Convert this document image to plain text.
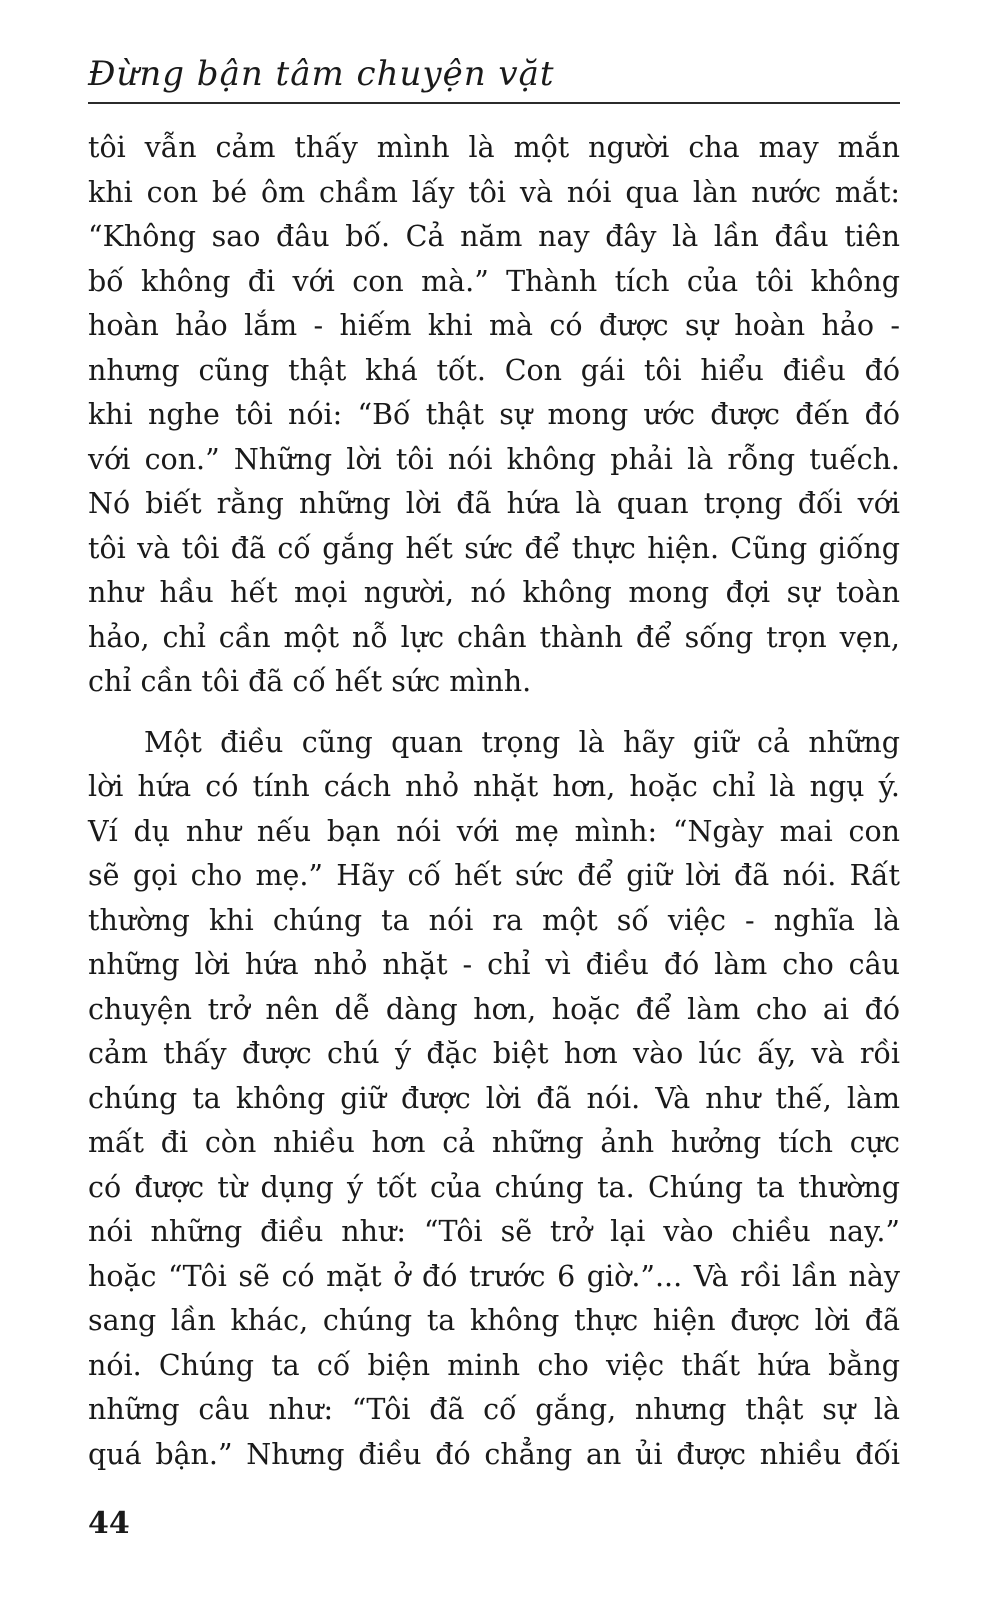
Đừng bận tâm chuyện vặt

tôi vẫn cảm thấy mình là một người cha may mắn

khi con bé ôm chầm lấy tôi và nói qua làn nước mắt:

“Không sao đâu bố. Cả năm nay đây là lần đầu tiên

bố không đi với con mà.” Thành tích của tôi không

hoàn hảo lắm - hiếm khi mà có được sự hoàn hảo -

nhưng cũng thật khá tốt. Con gái tôi hiểu điều đó

khi nghe tôi nói: “Bố thật sự mong ước được đến đó

với con.” Những lời tôi nói không phải là rỗng tuếch.

Nó biết rằng những lời đã hứa là quan trọng đối với

tôi và tôi đã cố gắng hết sức để thực hiện. Cũng giống

như hầu hết mọi người, nó không mong đợi sự toàn

hảo, chỉ cần một nỗ lực chân thành để sống trọn vẹn,

chỉ cần tôi đã cố hết sức mình.

Một điều cũng quan trọng là hãy giữ cả những

lời hứa có tính cách nhỏ nhặt hơn, hoặc chỉ là ngụ ý.

Ví dụ như nếu bạn nói với mẹ mình: “Ngày mai con

sẽ gọi cho mẹ.” Hãy cố hết sức để giữ lời đã nói. Rất

thường khi chúng ta nói ra một số việc - nghĩa là

những lời hứa nhỏ nhặt - chỉ vì điều đó làm cho câu

chuyện trở nên dễ dàng hơn, hoặc để làm cho ai đó

cảm thấy được chú ý đặc biệt hơn vào lúc ấy, và rồi

chúng ta không giữ được lời đã nói. Và như thế, làm

mất đi còn nhiều hơn cả những ảnh hưởng tích cực

có được từ dụng ý tốt của chúng ta. Chúng ta thường

nói những điều như: “Tôi sẽ trở lại vào chiều nay.”

hoặc “Tôi sẽ có mặt ở đó trước 6 giờ.”... Và rồi lần này

sang lần khác, chúng ta không thực hiện được lời đã

nói. Chúng ta cố biện minh cho việc thất hứa bằng

những câu như: “Tôi đã cố gắng, nhưng thật sự là

quá bận.” Nhưng điều đó chẳng an ủi được nhiều đối

44
